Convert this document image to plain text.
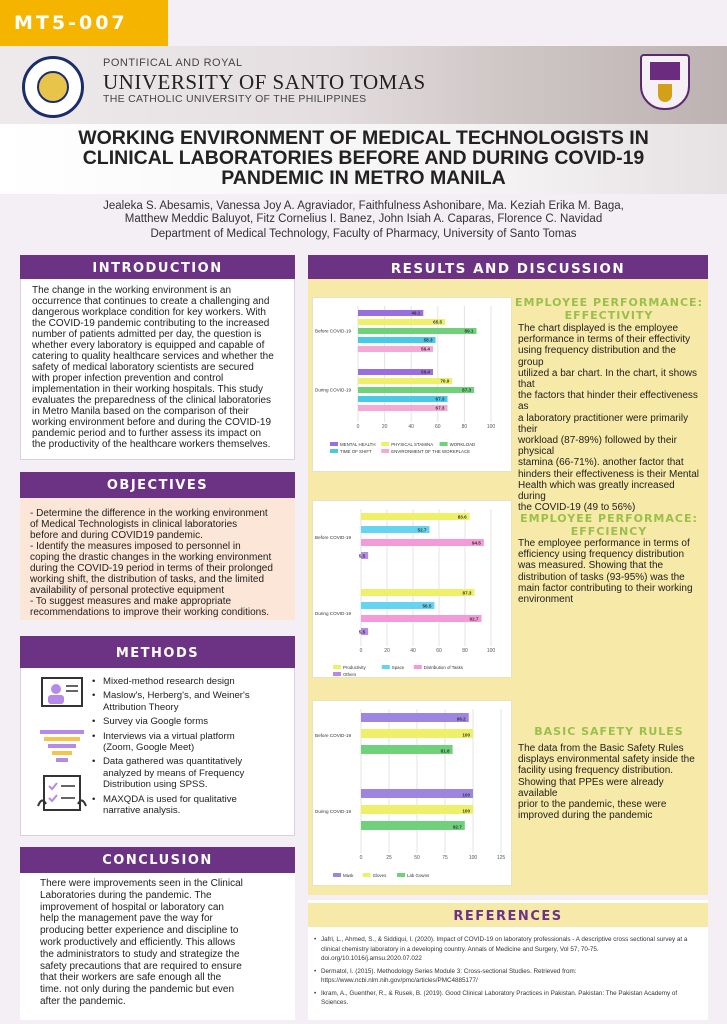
MT5-007
PONTIFICAL AND ROYAL
UNIVERSITY OF SANTO TOMAS
THE CATHOLIC UNIVERSITY OF THE PHILIPPINES
WORKING ENVIRONMENT OF MEDICAL TECHNOLOGISTS IN
CLINICAL LABORATORIES BEFORE AND DURING COVID-19
PANDEMIC IN METRO MANILA
Jealeka S. Abesamis, Vanessa Joy A. Agraviador, Faithfulness Ashonibare, Ma. Keziah Erika M. Baga,
Matthew Meddic Baluyot, Fitz Cornelius I. Banez, John Isiah A. Caparas, Florence C. Navidad
Department of Medical Technology, Faculty of Pharmacy, University of Santo Tomas
INTRODUCTION
The change in the working environment is an
occurrence that continues to create a challenging and
dangerous workplace condition for key workers. With
the COVID-19 pandemic contributing to the increased
number of patients admitted per day, the question is
whether every laboratory is equipped and capable of
catering to quality healthcare services and whether the
safety of medical laboratory scientists are secured
with proper infection prevention and control
implementation in their working hospitals. This study
evaluates the preparedness of the clinical laboratories
in Metro Manila based on the comparison of their
working environment before and during the COVID-19
pandemic period and to further assess its impact on
the productivity of the healthcare workers themselves.
OBJECTIVES
- Determine the difference in the working environment
of Medical Technologists in clinical laboratories
before and during COVID19 pandemic.
- Identify the measures imposed to personnel in
coping the drastic changes in the working environment
during the COVID-19 period in terms of their prolonged
working shift, the distribution of tasks, and the limited
availability of personal protective equipment
- To suggest measures and make appropriate
recommendations to improve their working conditions.
METHODS
• Mixed-method research design
• Maslow's, Herberg's, and Weiner's
Attribution Theory
• Survey via Google forms
• Interviews via a virtual platform
(Zoom, Google Meet)
• Data gathered was quantitatively
analyzed by means of Frequency
Distribution using SPSS.
• MAXQDA is used for qualitative
narrative analysis.
CONCLUSION
There were improvements seen in the Clinical
Laboratories during the pandemic. The
improvement of hospital or laboratory can
help the management pave the way for
producing better experience and discipline to
work productively and efficiently. This allows
the administrators to study and strategize the
safety precautions that are required to ensure
that their workers are safe enough all the
time. not only during the pandemic but even
after the pandemic.
RESULTS AND DISCUSSION
0	20	40	60	80	100
Before COVID-19
49.1
65.5
89.1
58.3
56.4
During COVID-19
56.4
70.9
87.3
67.3
67.3
MENTAL HEALTH	PHYSICAL STAMINA	WORKLOAD
TIME OF SHIFT	ENVIRONMENT OF THE WORKPLACE
0	20	40	60	80	100
Before COVID-19
83.6
52.7
94.5
5.5
During COVID-19
87.3
56.5
92.7
5.5
Productivity	Space	Distribution of Tasks
Others
0	25	50	75	100	125
Before COVID-19
96.2
100
81.8
During COVID-19
100
100
92.7
Mask	Gloves	Lab Gowns
EMPLOYEE PERFORMANCE:
EFFECTIVITY
The chart displayed is the employee
performance in terms of their effectivity
using frequency distribution and the group
utilized a bar chart. In the chart, it shows that
the factors that hinder their effectiveness as
a laboratory practitioner were primarily their
workload (87-89%) followed by their physical
stamina (66-71%). another factor that
hinders their effectiveness is their Mental
Health which was greatly increased during
the COVID-19 (49 to 56%)
EMPLOYEE PERFORMACE:
EFFCIENCY
The employee performance in terms of
efficiency using frequency distribution
was measured. Showing that the
distribution of tasks (93-95%) was the
main factor contributing to their working
environment
BASIC SAFETY RULES
The data from the Basic Safety Rules
displays environmental safety inside the
facility using frequency distribution.
Showing that PPEs were already available
prior to the pandemic, these were
improved during the pandemic
REFERENCES
• Jafri, L., Ahmed, S., & Siddiqui, I. (2020). Impact of COVID-19 on laboratory professionals - A descriptive cross sectional survey at a
clinical chemistry laboratory in a developing country. Annals of Medicine and Surgery, Vol 57, 70-75.
doi.org/10.1016/j.amsu.2020.07.022
• Dermatol, I. (2015). Methodology Series Module 3: Cross-sectional Studies. Retrieved from:
https://www.ncbi.nlm.nih.gov/pmc/articles/PMC4885177/
• Ikram, A., Guenther, R., & Rusek, B. (2019). Good Clinical Laboratory Practices in Pakistan. Pakistan: The Pakistan Academy of Sciences.
